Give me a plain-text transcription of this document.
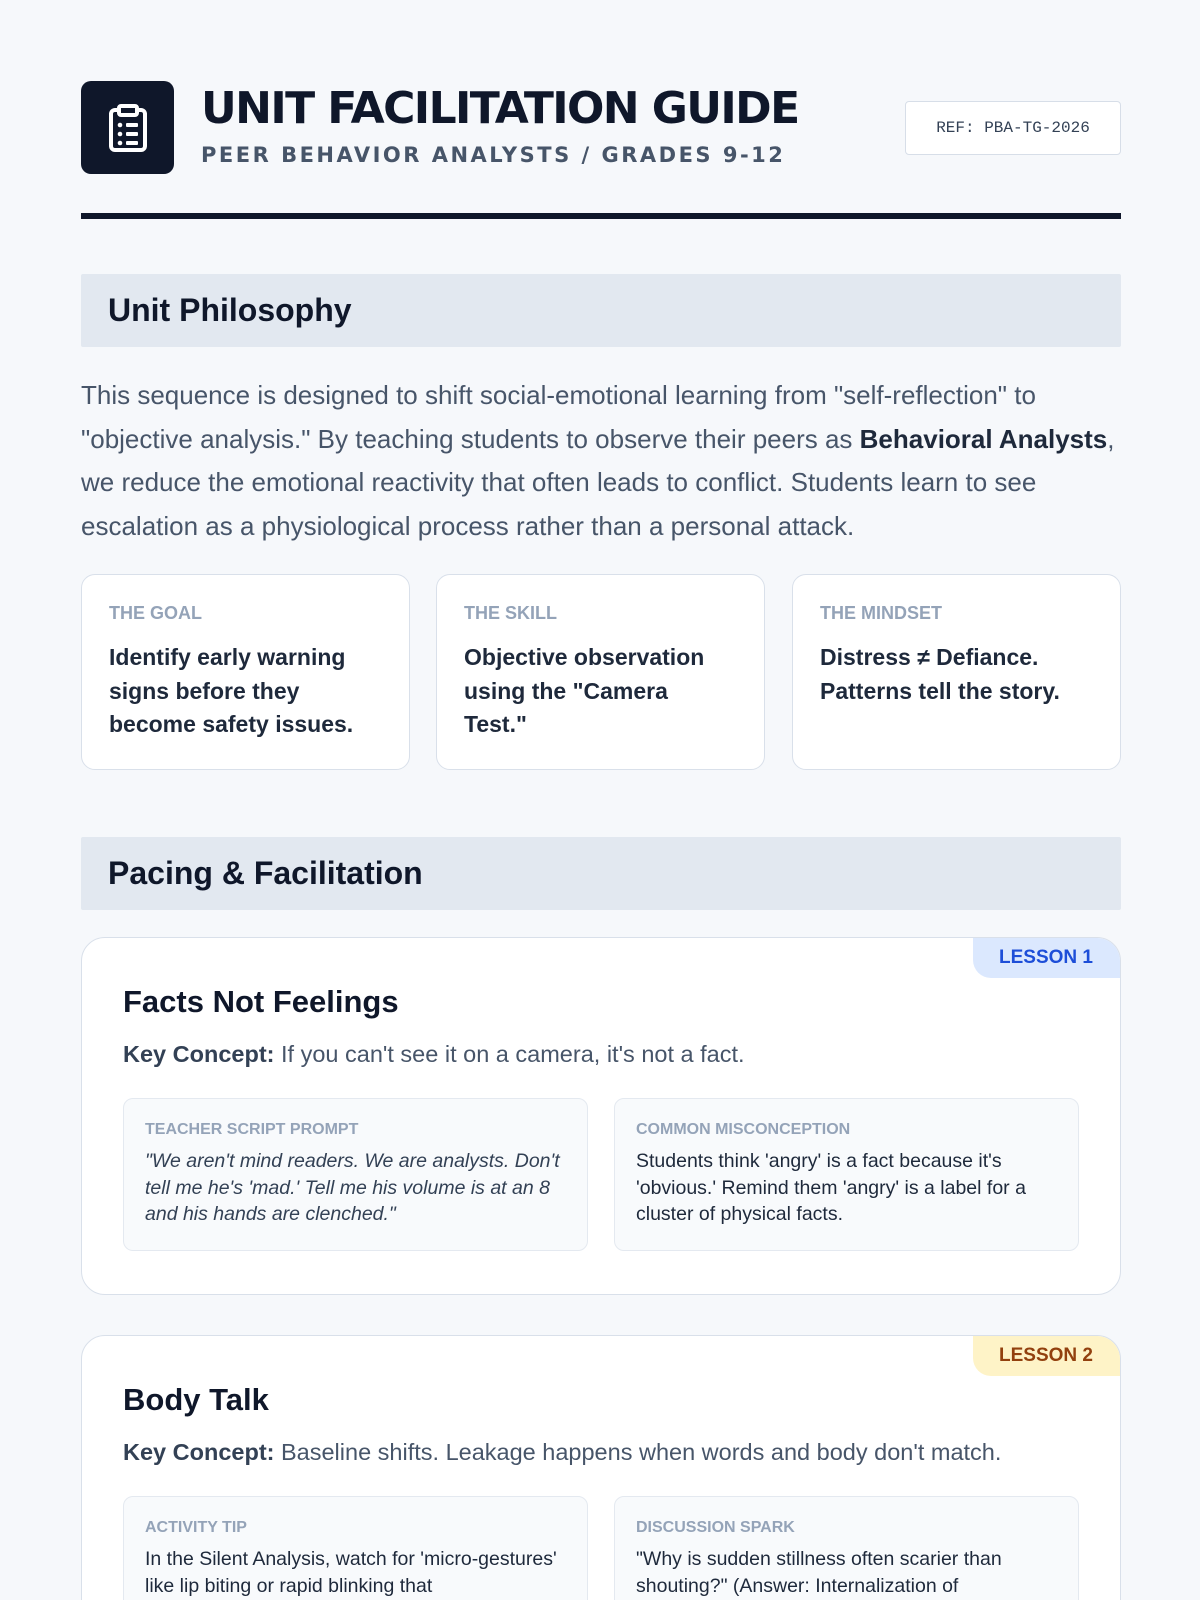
UNIT FACILITATION GUIDE
PEER BEHAVIOR ANALYSTS / GRADES 9-12
REF: PBA-TG-2026
Unit Philosophy

This sequence is designed to shift social-emotional learning from "self-reflection" to "objective analysis." By teaching students to observe their peers as Behavioral Analysts, we reduce the emotional reactivity that often leads to conflict. Students learn to see escalation as a physiological process rather than a personal attack.

THE GOAL
Identify early warning signs before they become safety issues.
THE SKILL
Objective observation using the "Camera Test."
THE MINDSET
Distress ≠ Defiance. Patterns tell the story.
Pacing & Facilitation
LESSON 1
Facts Not Feelings
Key Concept: If you can't see it on a camera, it's not a fact.
TEACHER SCRIPT PROMPT
"We aren't mind readers. We are analysts. Don't tell me he's 'mad.' Tell me his volume is at an 8 and his hands are clenched."
COMMON MISCONCEPTION
Students think 'angry' is a fact because it's 'obvious.' Remind them 'angry' is a label for a cluster of physical facts.
LESSON 2
Body Talk
Key Concept: Baseline shifts. Leakage happens when words and body don't match.
ACTIVITY TIP
In the Silent Analysis, watch for 'micro-gestures' like lip biting or rapid blinking that
DISCUSSION SPARK
"Why is sudden stillness often scarier than shouting?" (Answer: Internalization of
